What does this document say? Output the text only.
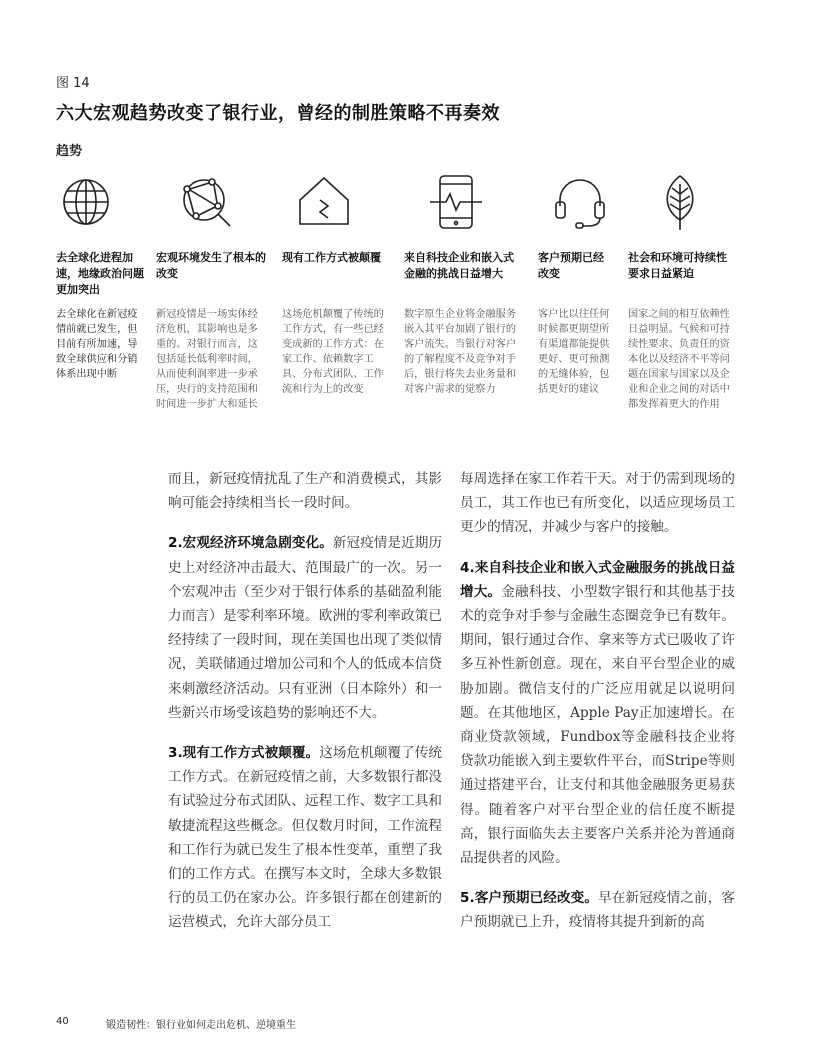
图 14
六大宏观趋势改变了银行业，曾经的制胜策略不再奏效
趋势
去全球化进程加速，地缘政治问题更加突出
去全球化在新冠疫情前就已发生，但目前有所加速，导致全球供应和分销体系出现中断
宏观环境发生了根本的改变
新冠疫情是一场实体经济危机，其影响也是多重的。对银行而言，这包括延长低利率时间，从而使利润率进一步承压，央行的支持范围和时间进一步扩大和延长
现有工作方式被颠覆
这场危机颠覆了传统的工作方式，有一些已经变成新的工作方式：在家工作、依赖数字工具、分布式团队、工作流和行为上的改变
来自科技企业和嵌入式金融的挑战日益增大
数字原生企业将金融服务嵌入其平台加剧了银行的客户流失。当银行对客户的了解程度不及竞争对手后，银行将失去业务量和对客户需求的觉察力
客户预期已经改变
客户比以往任何时候都更期望所有渠道都能提供更好、更可预测的无缝体验，包括更好的建议
社会和环境可持续性要求日益紧迫
国家之间的相互依赖性日益明显。气候和可持续性要求、负责任的资本化以及经济不平等问题在国家与国家以及企业和企业之间的对话中都发挥着更大的作用

而且，新冠疫情扰乱了生产和消费模式，其影响可能会持续相当长一段时间。

2.宏观经济环境急剧变化。新冠疫情是近期历史上对经济冲击最大、范围最广的一次。另一个宏观冲击（至少对于银行体系的基础盈利能力而言）是零利率环境。欧洲的零利率政策已经持续了一段时间，现在美国也出现了类似情况，美联储通过增加公司和个人的低成本信贷来刺激经济活动。只有亚洲（日本除外）和一些新兴市场受该趋势的影响还不大。

3.现有工作方式被颠覆。这场危机颠覆了传统工作方式。在新冠疫情之前，大多数银行都没有试验过分布式团队、远程工作、数字工具和敏捷流程这些概念。但仅数月时间，工作流程和工作行为就已发生了根本性变革，重塑了我们的工作方式。在撰写本文时，全球大多数银行的员工仍在家办公。许多银行都在创建新的运营模式，允许大部分员工

每周选择在家工作若干天。对于仍需到现场的员工，其工作也已有所变化，以适应现场员工更少的情况，并减少与客户的接触。

4.来自科技企业和嵌入式金融服务的挑战日益增大。金融科技、小型数字银行和其他基于技术的竞争对手参与金融生态圈竞争已有数年。期间，银行通过合作、拿来等方式已吸收了许多互补性新创意。现在，来自平台型企业的威胁加剧。微信支付的广泛应用就足以说明问题。在其他地区，Apple Pay正加速增长。在商业贷款领域，Fundbox等金融科技企业将贷款功能嵌入到主要软件平台，而Stripe等则通过搭建平台，让支付和其他金融服务更易获得。随着客户对平台型企业的信任度不断提高，银行面临失去主要客户关系并沦为普通商品提供者的风险。

5.客户预期已经改变。早在新冠疫情之前，客户预期就已上升，疫情将其提升到新的高

40	锻造韧性：银行业如何走出危机、逆境重生
